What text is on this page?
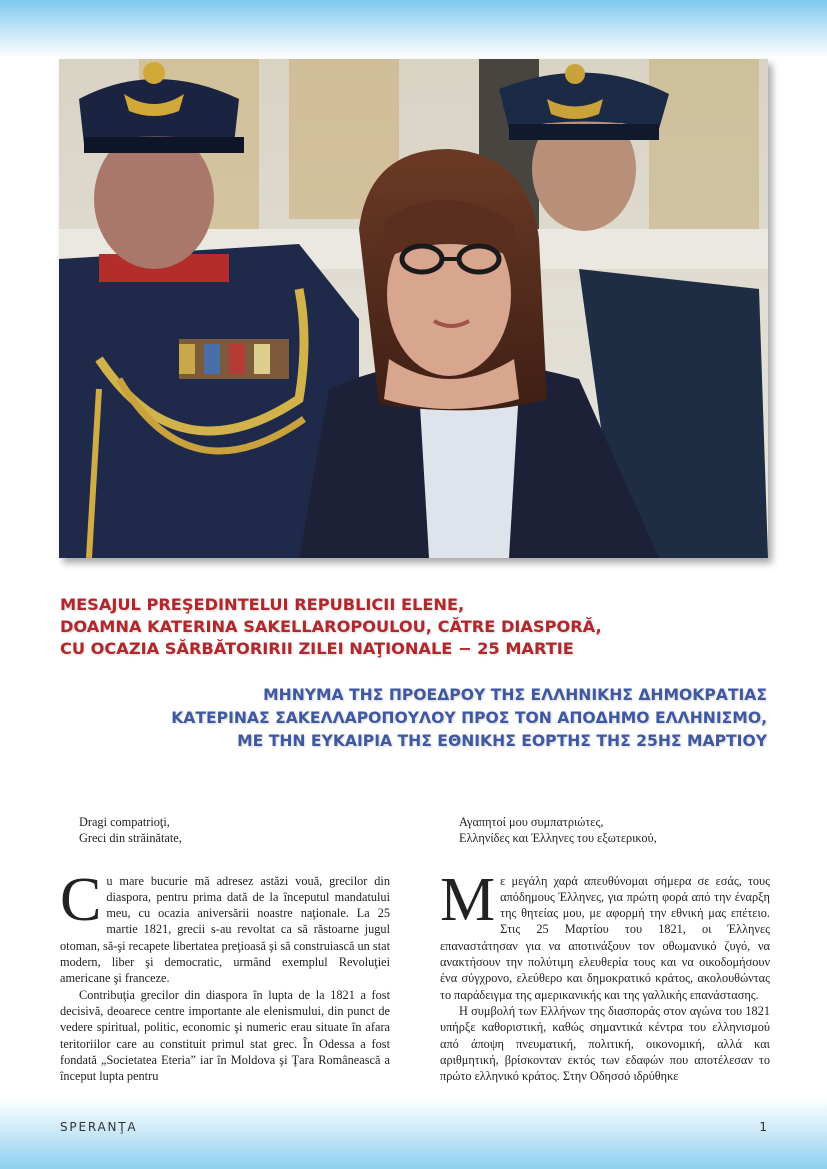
MESAJUL PREŞEDINTELUI REPUBLICII ELENE,
DOAMNA KATERINA SAKELLAROPOULOU, CĂTRE DIASPORĂ,
CU OCAZIA SĂRBĂTORIRII ZILEI NAŢIONALE − 25 MARTIE
ΜΗΝΥΜΑ ΤΗΣ ΠΡΟΕΔΡΟΥ ΤΗΣ ΕΛΛΗΝΙΚΗΣ ΔΗΜΟΚΡΑΤΙΑΣ
ΚΑΤΕΡΙΝΑΣ ΣΑΚΕΛΛΑΡΟΠΟΥΛΟΥ ΠΡΟΣ ΤΟΝ ΑΠΟΔΗΜΟ ΕΛΛΗΝΙΣΜΟ,
ΜΕ ΤΗΝ ΕΥΚΑΙΡΙΑ ΤΗΣ ΕΘΝΙΚΗΣ ΕΟΡΤΗΣ ΤΗΣ 25ΗΣ ΜΑΡΤΙΟΥ
Dragi compatrioţi,
Greci din străinătate,

Cu mare bucurie mă adresez astăzi vouă, grecilor din diaspora, pentru prima dată de la începutul mandatului meu, cu ocazia aniversării noastre naţionale. La 25 martie 1821, grecii s-au revoltat ca să răstoarne jugul otoman, să-şi recapete libertatea preţioasă şi să construiască un stat modern, liber şi democratic, urmând exemplul Revoluţiei americane şi franceze.

Contribuţia grecilor din diaspora în lupta de la 1821 a fost decisivă, deoarece centre importante ale elenismului, din punct de vedere spiritual, politic, economic şi numeric erau situate în afara teritoriilor care au constituit primul stat grec. În Odessa a fost fondată „Societatea Eteria” iar în Moldova şi Ţara Românească a început lupta pentru

Αγαπητοί μου συμπατριώτες,
Ελληνίδες και Έλληνες του εξωτερικού,

Με μεγάλη χαρά απευθύνομαι σήμερα σε εσάς, τους απόδημους Έλληνες, για πρώτη φορά από την έναρξη της θητείας μου, με αφορμή την εθνική μας επέτειο. Στις 25 Μαρτίου του 1821, οι Έλληνες επαναστάτησαν για να αποτινάξουν τον οθωμανικό ζυγό, να ανακτήσουν την πολύτιμη ελευθερία τους και να οικοδομήσουν ένα σύγχρονο, ελεύθερο και δημοκρατικό κράτος, ακολουθώντας το παράδειγμα της αμερικανικής και της γαλλικής επανάστασης.

Η συμβολή των Ελλήνων της διασποράς στον αγώνα του 1821 υπήρξε καθοριστική, καθώς σημαντικά κέντρα του ελληνισμού από άποψη πνευματική, πολιτική, οικονομική, αλλά και αριθμητική, βρίσκονταν εκτός των εδαφών που αποτέλεσαν το πρώτο ελληνικό κράτος. Στην Οδησσό ιδρύθηκε

SPERANŢA	1
